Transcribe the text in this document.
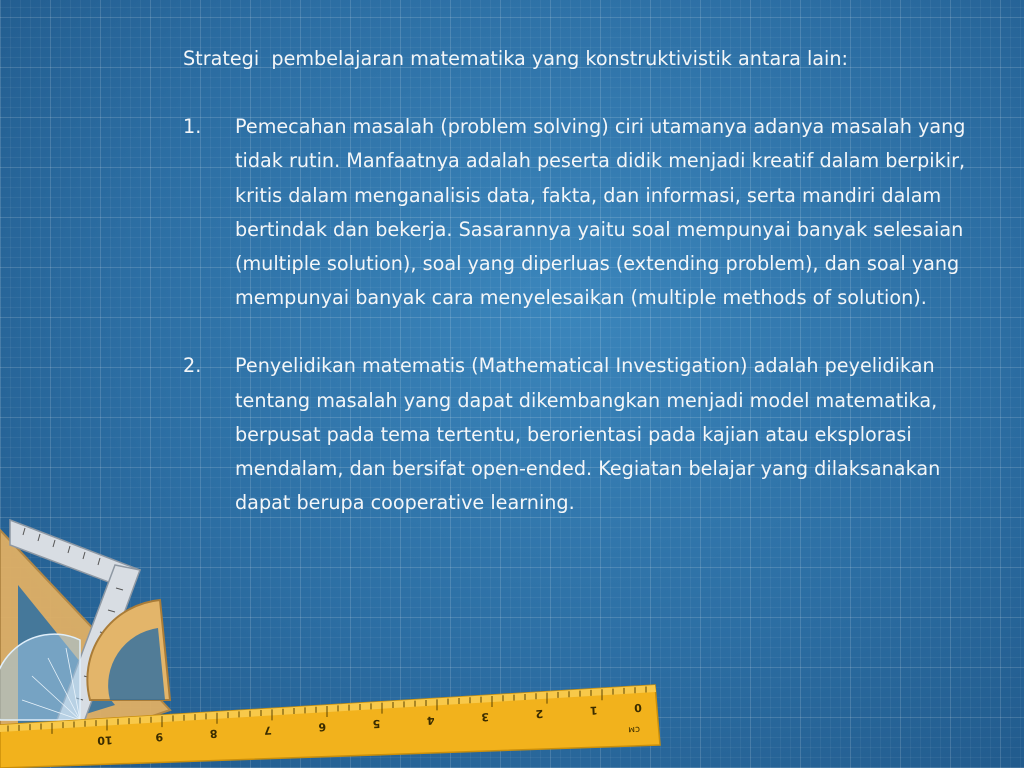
10	9	8	7	6	5	4	3	2	1	0
ᴄᴍ

Strategi  pembelajaran matematika yang konstruktivistik antara lain:

1.	Pemecahan masalah (problem solving) ciri utamanya adanya masalah yang tidak rutin. Manfaatnya adalah peserta didik menjadi kreatif dalam berpikir, kritis dalam menganalisis data, fakta, dan informasi, serta mandiri dalam bertindak dan bekerja. Sasarannya yaitu soal mempunyai banyak selesaian (multiple solution), soal yang diperluas (extending problem), dan soal yang mempunyai banyak cara menyelesaikan (multiple methods of solution).
2.	Penyelidikan matematis (Mathematical Investigation) adalah peyelidikan tentang masalah yang dapat dikembangkan menjadi model matematika, berpusat pada tema tertentu, berorientasi pada kajian atau eksplorasi mendalam, dan bersifat open-ended. Kegiatan belajar yang dilaksanakan dapat berupa cooperative learning.
